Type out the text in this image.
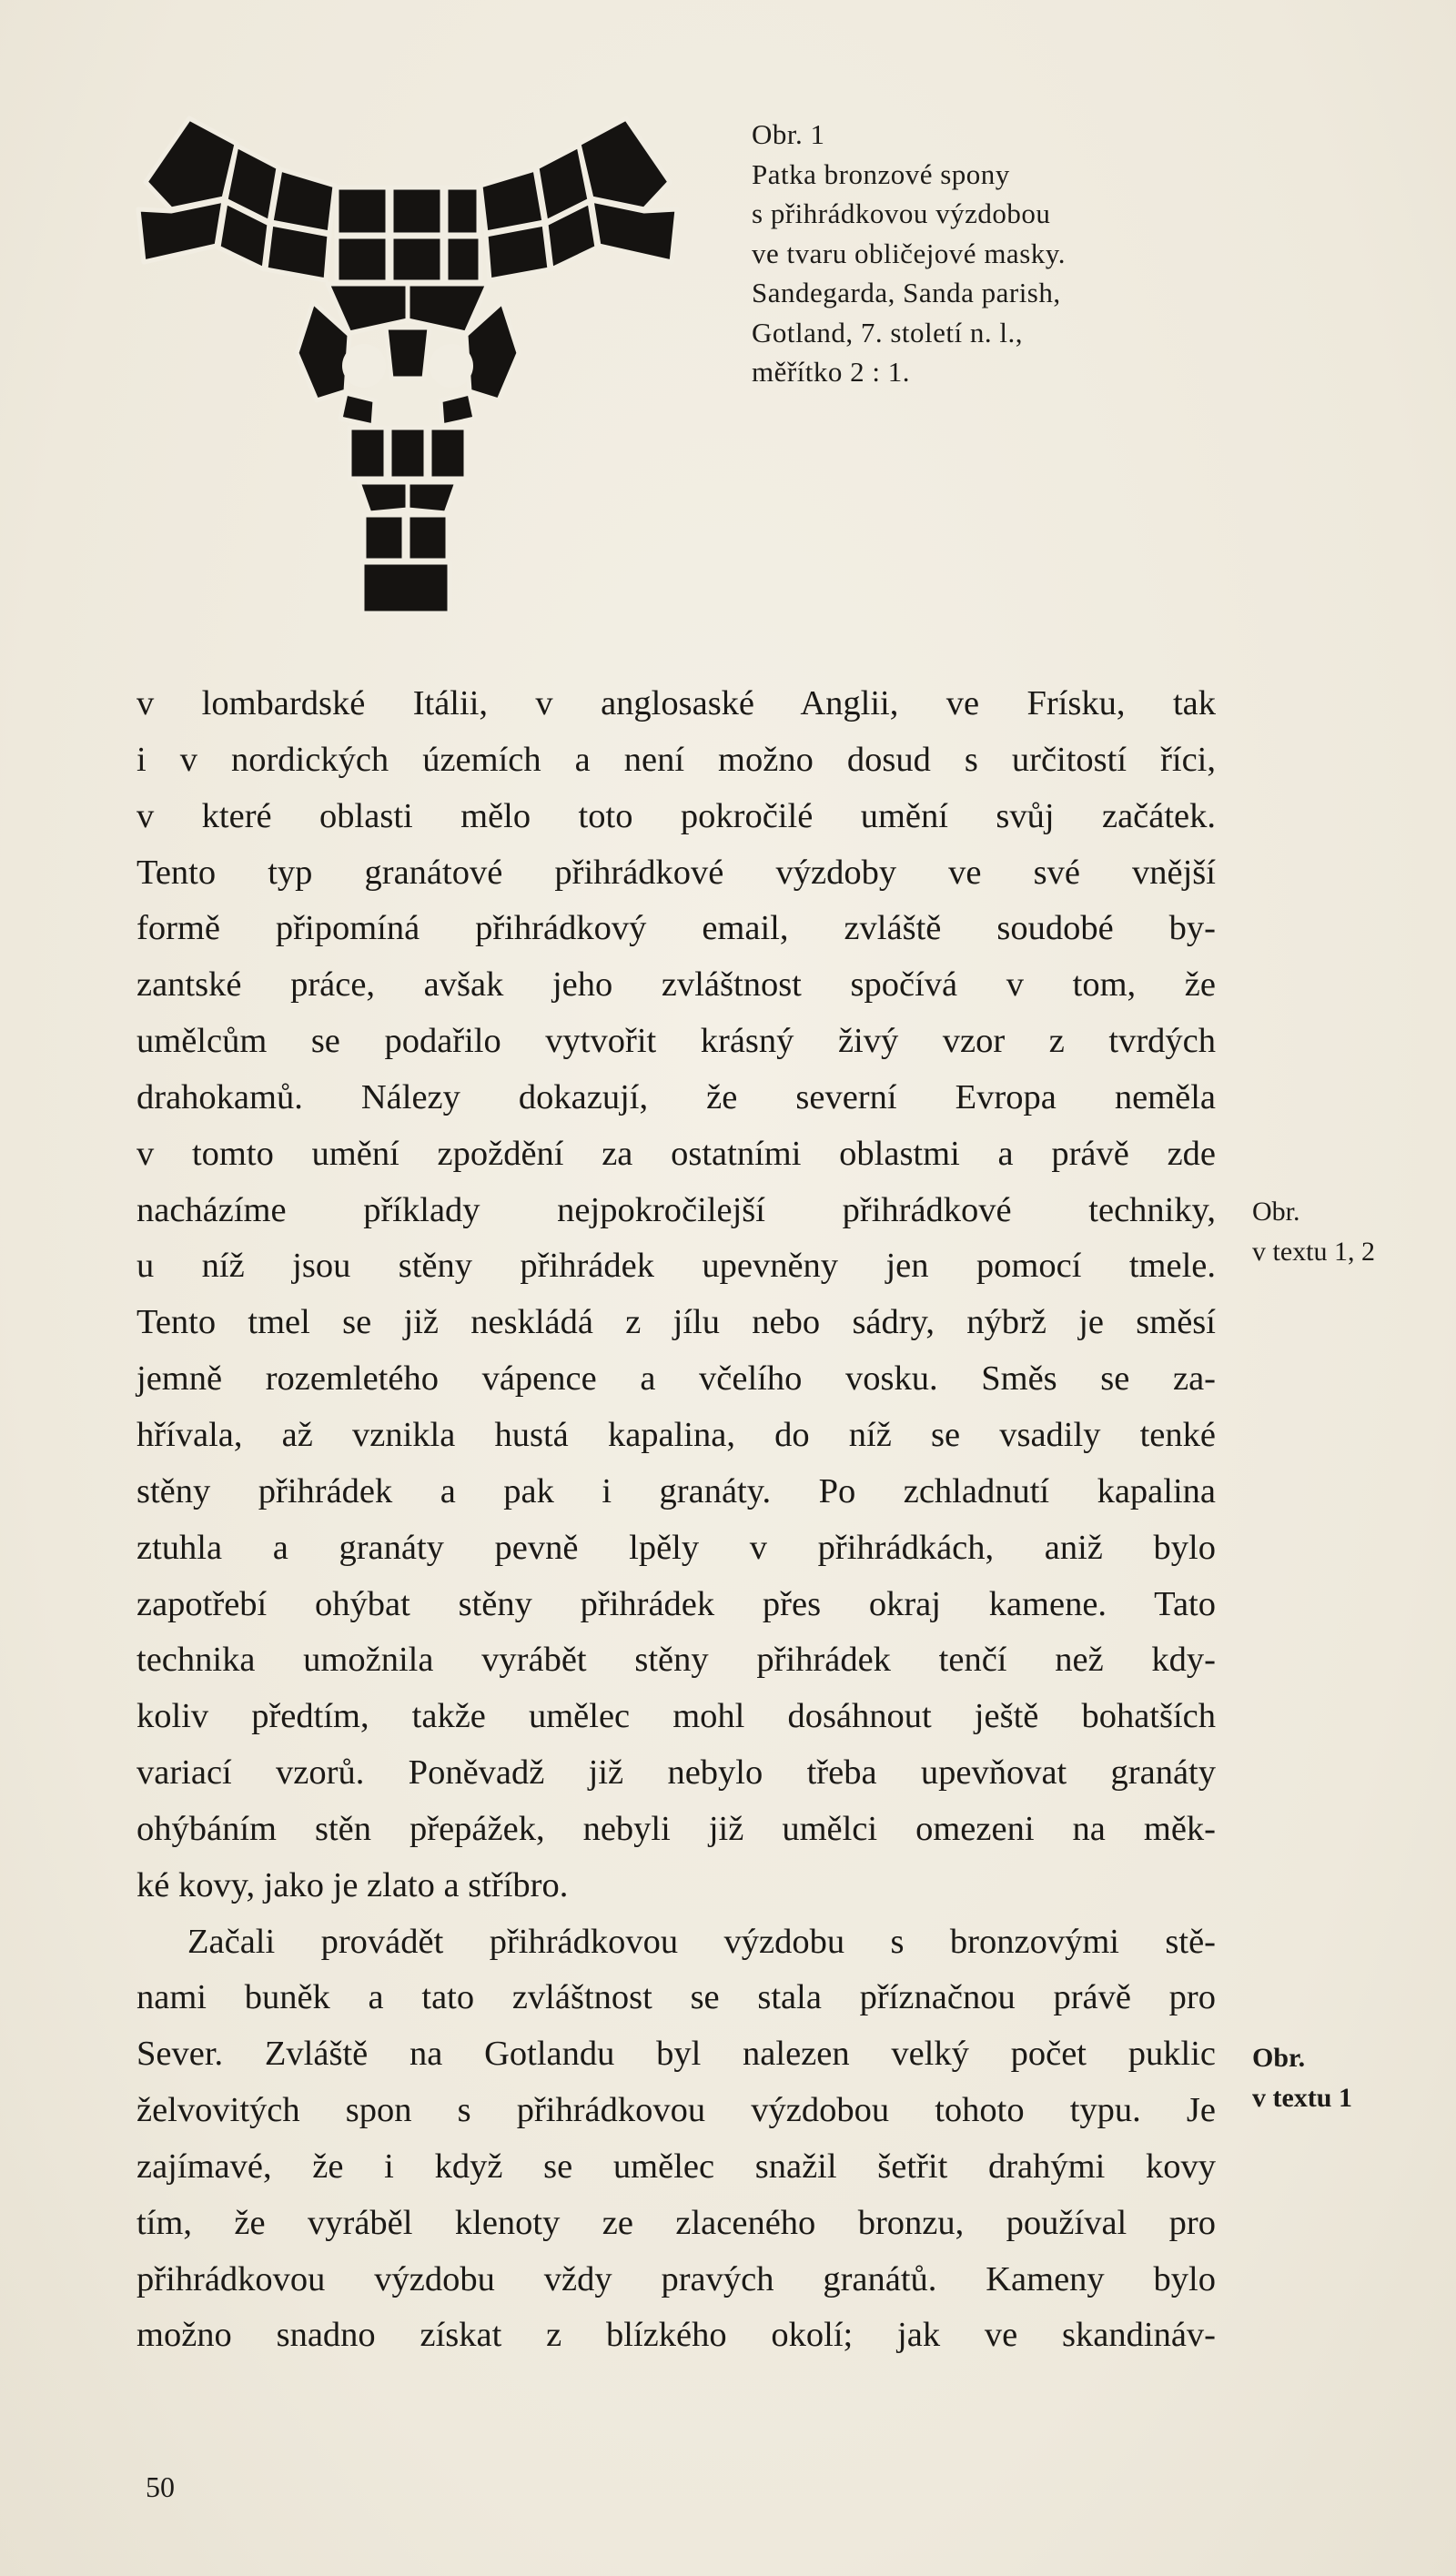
Obr. 1
Patka bronzové spony
s přihrádkovou výzdobou
ve tvaru obličejové masky.
Sandegarda, Sanda parish,
Gotland, 7. století n. l.,
měřítko 2 : 1.
v lombardské Itálii, v anglosaské Anglii, ve Frísku, tak
i v nordických územích a není možno dosud s určitostí říci,
v které oblasti mělo toto pokročilé umění svůj začátek.
Tento typ granátové přihrádkové výzdoby ve své vnější
formě připomíná přihrádkový email, zvláště soudobé by-
zantské práce, avšak jeho zvláštnost spočívá v tom, že
umělcům se podařilo vytvořit krásný živý vzor z tvrdých
drahokamů. Nálezy dokazují, že severní Evropa neměla
v tomto umění zpoždění za ostatními oblastmi a právě zde
nacházíme příklady nejpokročilejší přihrádkové techniky,
u níž jsou stěny přihrádek upevněny jen pomocí tmele.
Tento tmel se již neskládá z jílu nebo sádry, nýbrž je směsí
jemně rozemletého vápence a včelího vosku. Směs se za-
hřívala, až vznikla hustá kapalina, do níž se vsadily tenké
stěny přihrádek a pak i granáty. Po zchladnutí kapalina
ztuhla a granáty pevně lpěly v přihrádkách, aniž bylo
zapotřebí ohýbat stěny přihrádek přes okraj kamene. Tato
technika umožnila vyrábět stěny přihrádek tenčí než kdy-
koliv předtím, takže umělec mohl dosáhnout ještě bohatších
variací vzorů. Poněvadž již nebylo třeba upevňovat granáty
ohýbáním stěn přepážek, nebyli již umělci omezeni na měk-
ké kovy, jako je zlato a stříbro.
Začali provádět přihrádkovou výzdobu s bronzovými stě-
nami buněk a tato zvláštnost se stala příznačnou právě pro
Sever. Zvláště na Gotlandu byl nalezen velký počet puklic
želvovitých spon s přihrádkovou výzdobou tohoto typu. Je
zajímavé, že i když se umělec snažil šetřit drahými kovy
tím, že vyráběl klenoty ze zlaceného bronzu, používal pro
přihrádkovou výzdobu vždy pravých granátů. Kameny bylo
možno snadno získat z blízkého okolí; jak ve skandináv-
Obr.
v textu 1, 2
Obr.
v textu 1
50
